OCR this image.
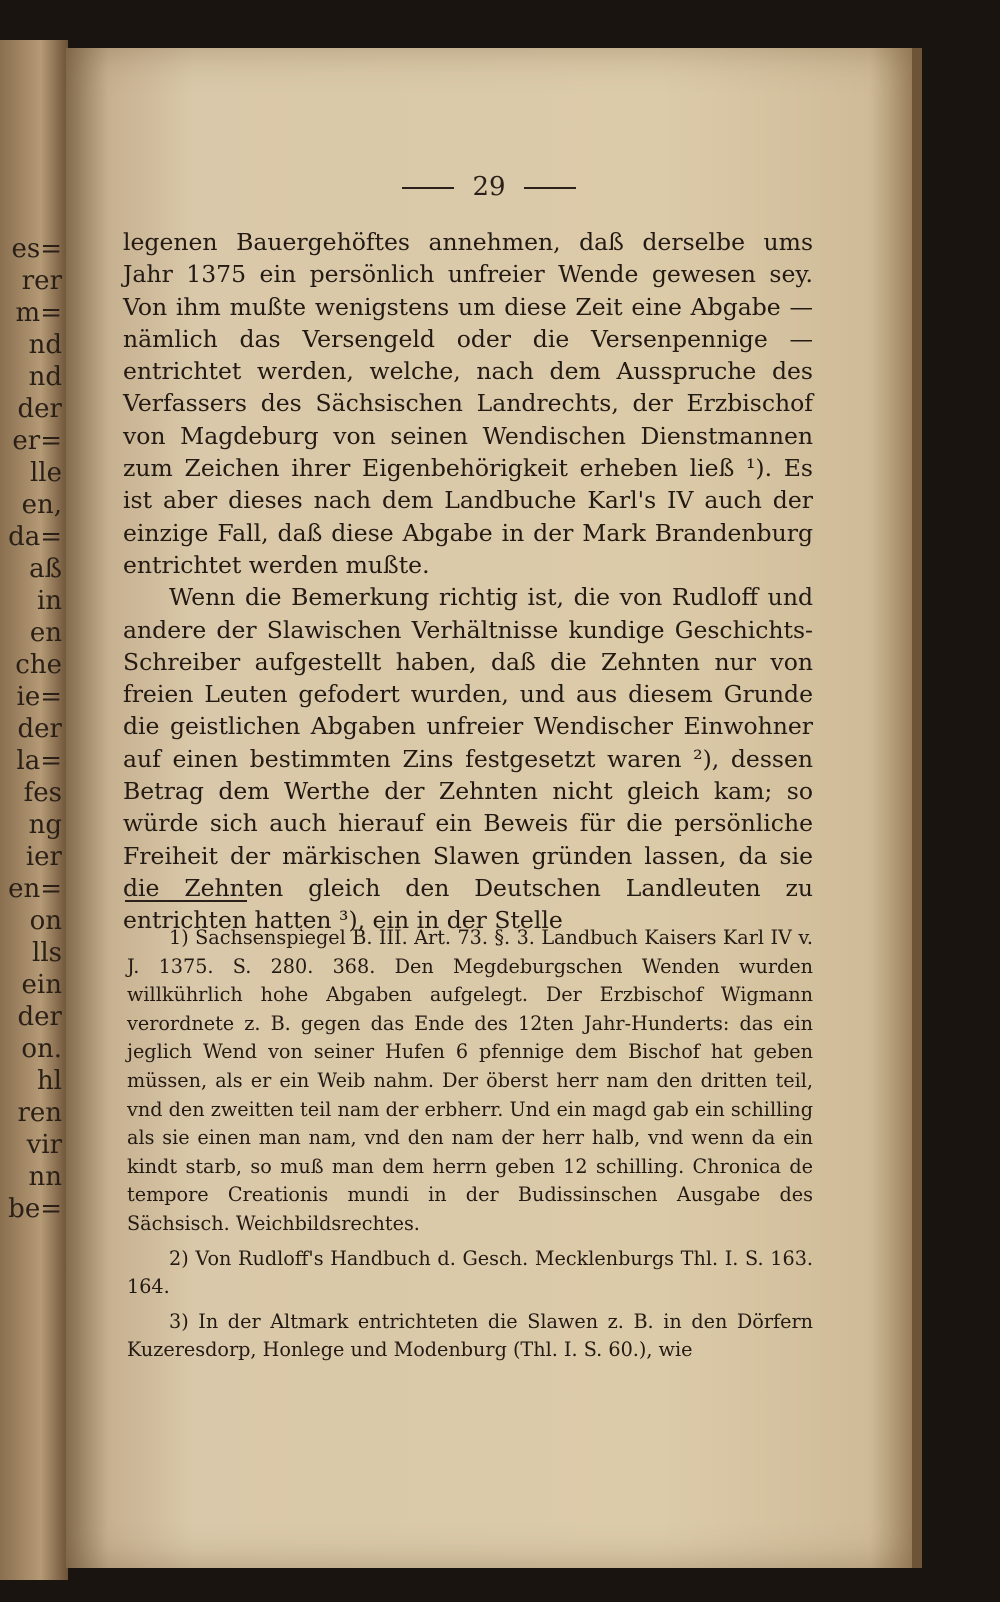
es=
rer
m=
nd
nd
der
er=
lle
en,
da=
aß
in
en
che
ie=
der
la=
fes
ng
ier
en=
on
lls
ein
der
on.
hl
ren
vir
nn
be=
29

legenen Bauergehöftes annehmen, daß derselbe ums Jahr 1375 ein persönlich unfreier Wende gewesen sey. Von ihm mußte wenigstens um diese Zeit eine Abgabe — nämlich das Versengeld oder die Versenpennige — entrichtet werden, welche, nach dem Ausspruche des Verfassers des Sächsischen Landrechts, der Erzbischof von Magdeburg von seinen Wendischen Dienstmannen zum Zeichen ihrer Eigenbehörigkeit erheben ließ ¹). Es ist aber dieses nach dem Landbuche Karl's IV auch der einzige Fall, daß diese Abgabe in der Mark Brandenburg entrichtet werden mußte.

Wenn die Bemerkung richtig ist, die von Rudloff und andere der Slawischen Verhältnisse kundige Geschichts-Schreiber aufgestellt haben, daß die Zehnten nur von freien Leuten gefodert wurden, und aus diesem Grunde die geistlichen Abgaben unfreier Wendischer Einwohner auf einen bestimmten Zins festgesetzt waren ²), dessen Betrag dem Werthe der Zehnten nicht gleich kam; so würde sich auch hierauf ein Beweis für die persönliche Freiheit der märkischen Slawen gründen lassen, da sie die Zehnten gleich den Deutschen Landleuten zu entrichten hatten ³), ein in der Stelle

1) Sachsenspiegel B. III. Art. 73. §. 3. Landbuch Kaisers Karl IV v. J. 1375. S. 280. 368. Den Megdeburgschen Wenden wurden willkührlich hohe Abgaben aufgelegt. Der Erzbischof Wigmann verordnete z. B. gegen das Ende des 12ten Jahr-Hunderts: das ein jeglich Wend von seiner Hufen 6 pfennige dem Bischof hat geben müssen, als er ein Weib nahm. Der öberst herr nam den dritten teil, vnd den zweitten teil nam der erbherr. Und ein magd gab ein schilling als sie einen man nam, vnd den nam der herr halb, vnd wenn da ein kindt starb, so muß man dem herrn geben 12 schilling. Chronica de tempore Creationis mundi in der Budissinschen Ausgabe des Sächsisch. Weichbildsrechtes.

2) Von Rudloff's Handbuch d. Gesch. Mecklenburgs Thl. I. S. 163. 164.

3) In der Altmark entrichteten die Slawen z. B. in den Dörfern Kuzeresdorp, Honlege und Modenburg (Thl. I. S. 60.), wie
